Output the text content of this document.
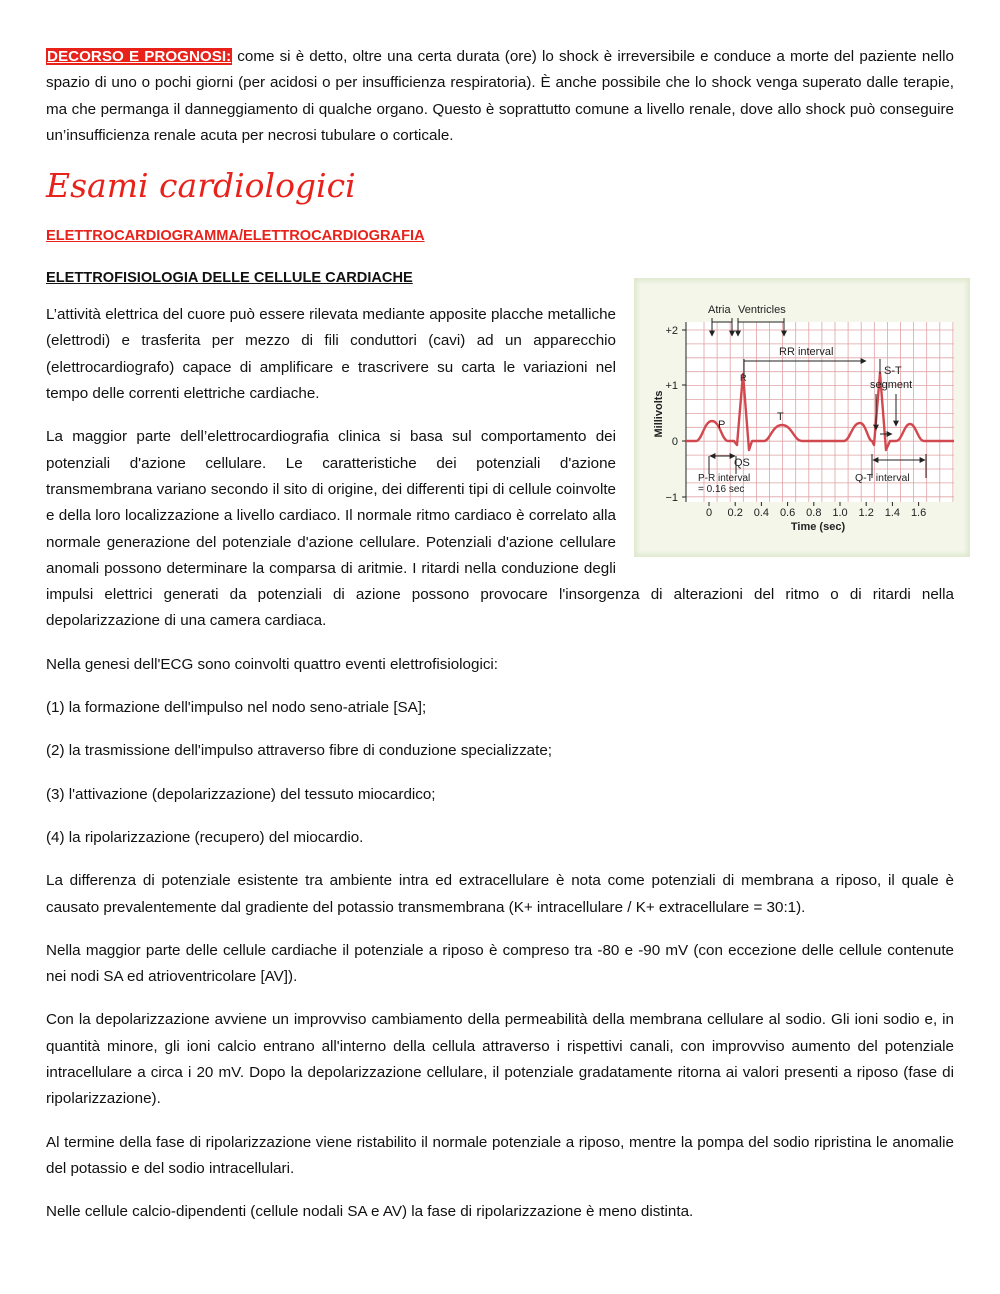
DECORSO E PROGNOSI: come si è detto, oltre una certa durata (ore) lo shock è irreversibile e conduce a morte del paziente nello spazio di uno o pochi giorni (per acidosi o per insufficienza respiratoria). È anche possibile che lo shock venga superato dalle terapie, ma che permanga il danneggiamento di qualche organo. Questo è soprattutto comune a livello renale, dove allo shock può conseguire un’insufficienza renale acuta per necrosi tubulare o corticale.

Esami cardiologici
ELETTROCARDIOGRAMMA/ELETTROCARDIOGRAFIA
ELETTROFISIOLOGIA DELLE CELLULE CARDIACHE
+2
+1
0
−1
Millivolts
0 0.2 0.4 0.6 0.8 1.0 1.2 1.4 1.6
Time (sec)
Atria Ventricles
RR interval
S-T
segment
P
R
T
QS
P-R interval
= 0.16 sec
Q-T interval

L’attività elettrica del cuore può essere rilevata mediante apposite placche metalliche (elettrodi) e trasferita per mezzo di fili conduttori (cavi) ad un apparecchio (elettrocardiografo) capace di amplificare e trascrivere su carta le variazioni nel tempo delle correnti elettriche cardiache.

La maggior parte dell’elettrocardiografia clinica si basa sul comportamento dei potenziali d'azione cellulare. Le caratteristiche dei potenziali d'azione transmembrana variano secondo il sito di origine, dei differenti tipi di cellule coinvolte e della loro localizzazione a livello cardiaco. Il normale ritmo cardiaco è correlato alla normale generazione del potenziale d'azione cellulare. Potenziali d'azione cellulare anomali possono determinare la comparsa di aritmie. I ritardi nella conduzione degli impulsi elettrici generati da potenziali di azione possono provocare l'insorgenza di alterazioni del ritmo o di ritardi nella depolarizzazione di una camera cardiaca.

Nella genesi dell'ECG sono coinvolti quattro eventi elettrofisiologici:

(1) la formazione dell'impulso nel nodo seno-atriale [SA];

(2) la trasmissione dell'impulso attraverso fibre di conduzione specializzate;

(3) l'attivazione (depolarizzazione) del tessuto miocardico;

(4) la ripolarizzazione (recupero) del miocardio.

La differenza di potenziale esistente tra ambiente intra ed extracellulare è nota come potenziali di membrana a riposo, il quale è causato prevalentemente dal gradiente del potassio transmembrana (K+ intracellulare / K+ extracellulare = 30:1).

Nella maggior parte delle cellule cardiache il potenziale a riposo è compreso tra -80 e -90 mV (con eccezione delle cellule contenute nei nodi SA ed atrioventricolare [AV]).

Con la depolarizzazione avviene un improvviso cambiamento della permeabilità della membrana cellulare al sodio. Gli ioni sodio e, in quantità minore, gli ioni calcio entrano all'interno della cellula attraverso i rispettivi canali, con improvviso aumento del potenziale intracellulare a circa i 20 mV. Dopo la depolarizzazione cellulare, il potenziale gradatamente ritorna ai valori presenti a riposo (fase di ripolarizzazione).

Al termine della fase di ripolarizzazione viene ristabilito il normale potenziale a riposo, mentre la pompa del sodio ripristina le anomalie del potassio e del sodio intracellulari.

Nelle cellule calcio-dipendenti (cellule nodali SA e AV) la fase di ripolarizzazione è meno distinta.
